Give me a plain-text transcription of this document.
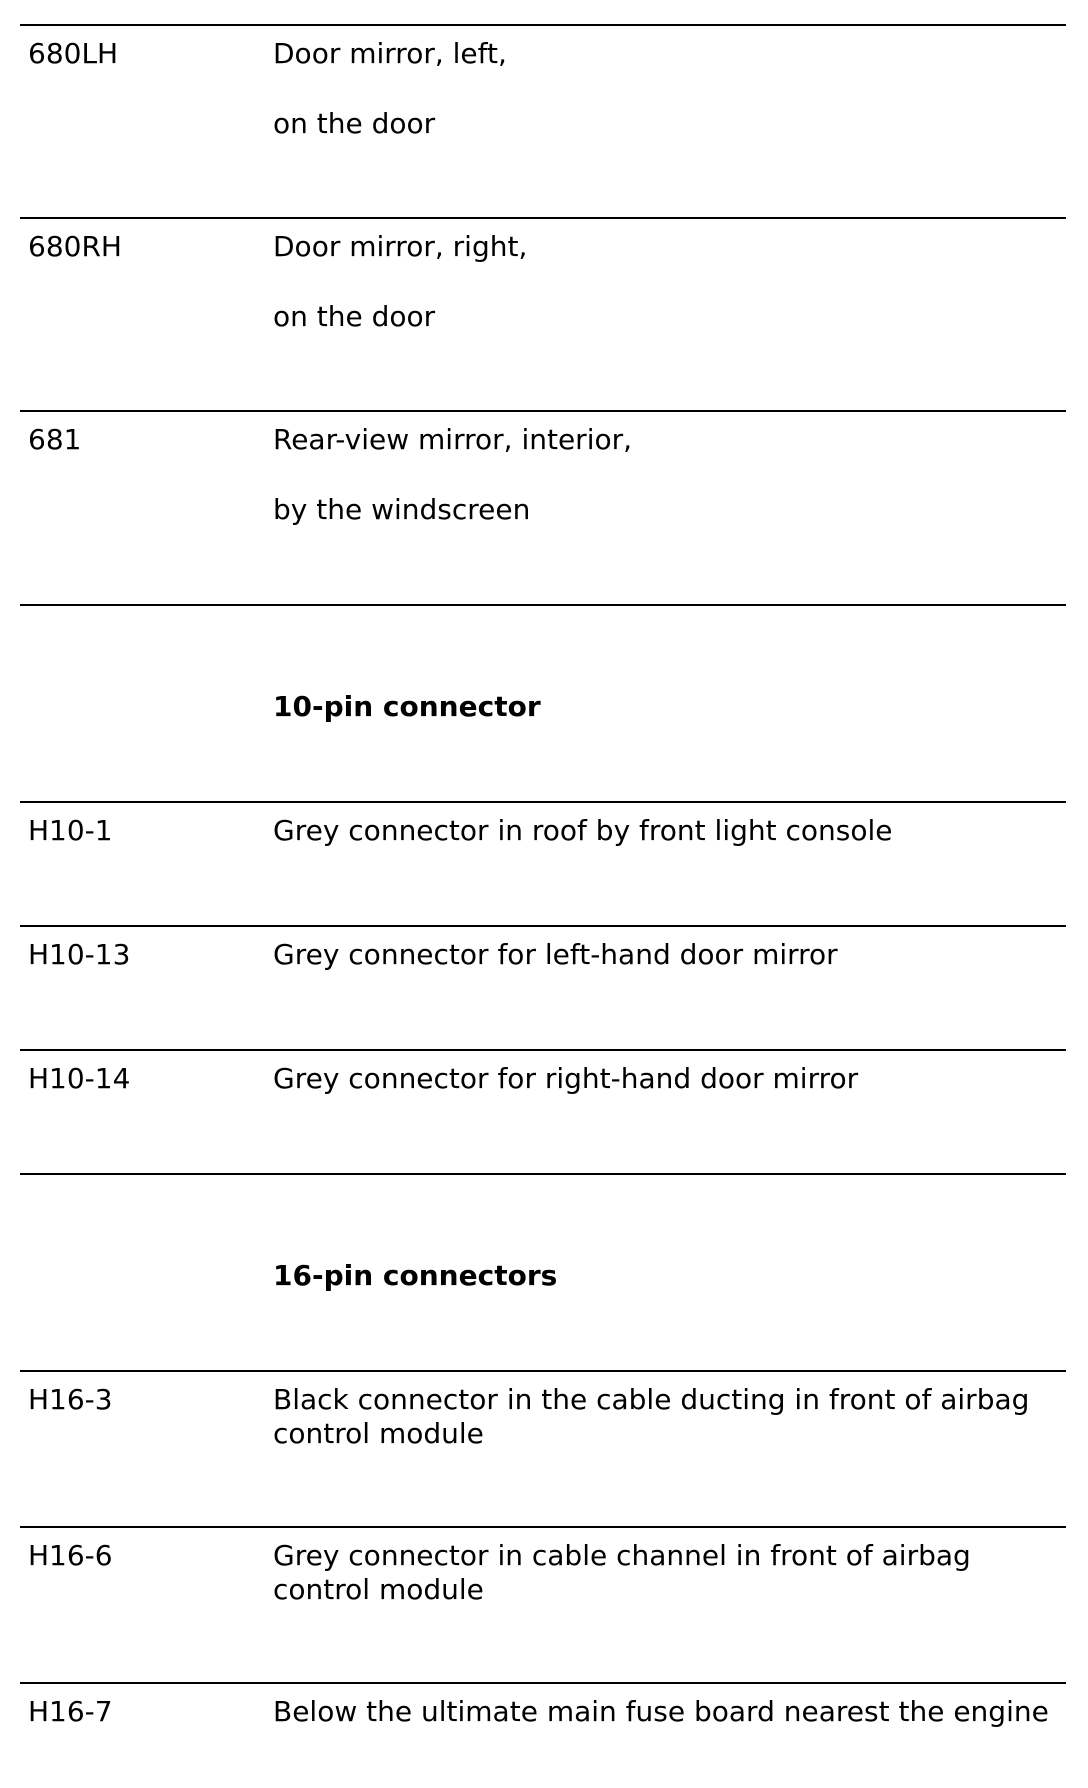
680LH	Door mirror, left,
on the door
680RH	Door mirror, right,
on the door
681	Rear-view mirror, interior,
by the windscreen
10-pin connector
H10-1	Grey connector in roof by front light console
H10-13	Grey connector for left-hand door mirror
H10-14	Grey connector for right-hand door mirror
16-pin connectors
H16-3	Black connector in the cable ducting in front of airbag control module
H16-6	Grey connector in cable channel in front of airbag control module
H16-7	Below the ultimate main fuse board nearest the engine
